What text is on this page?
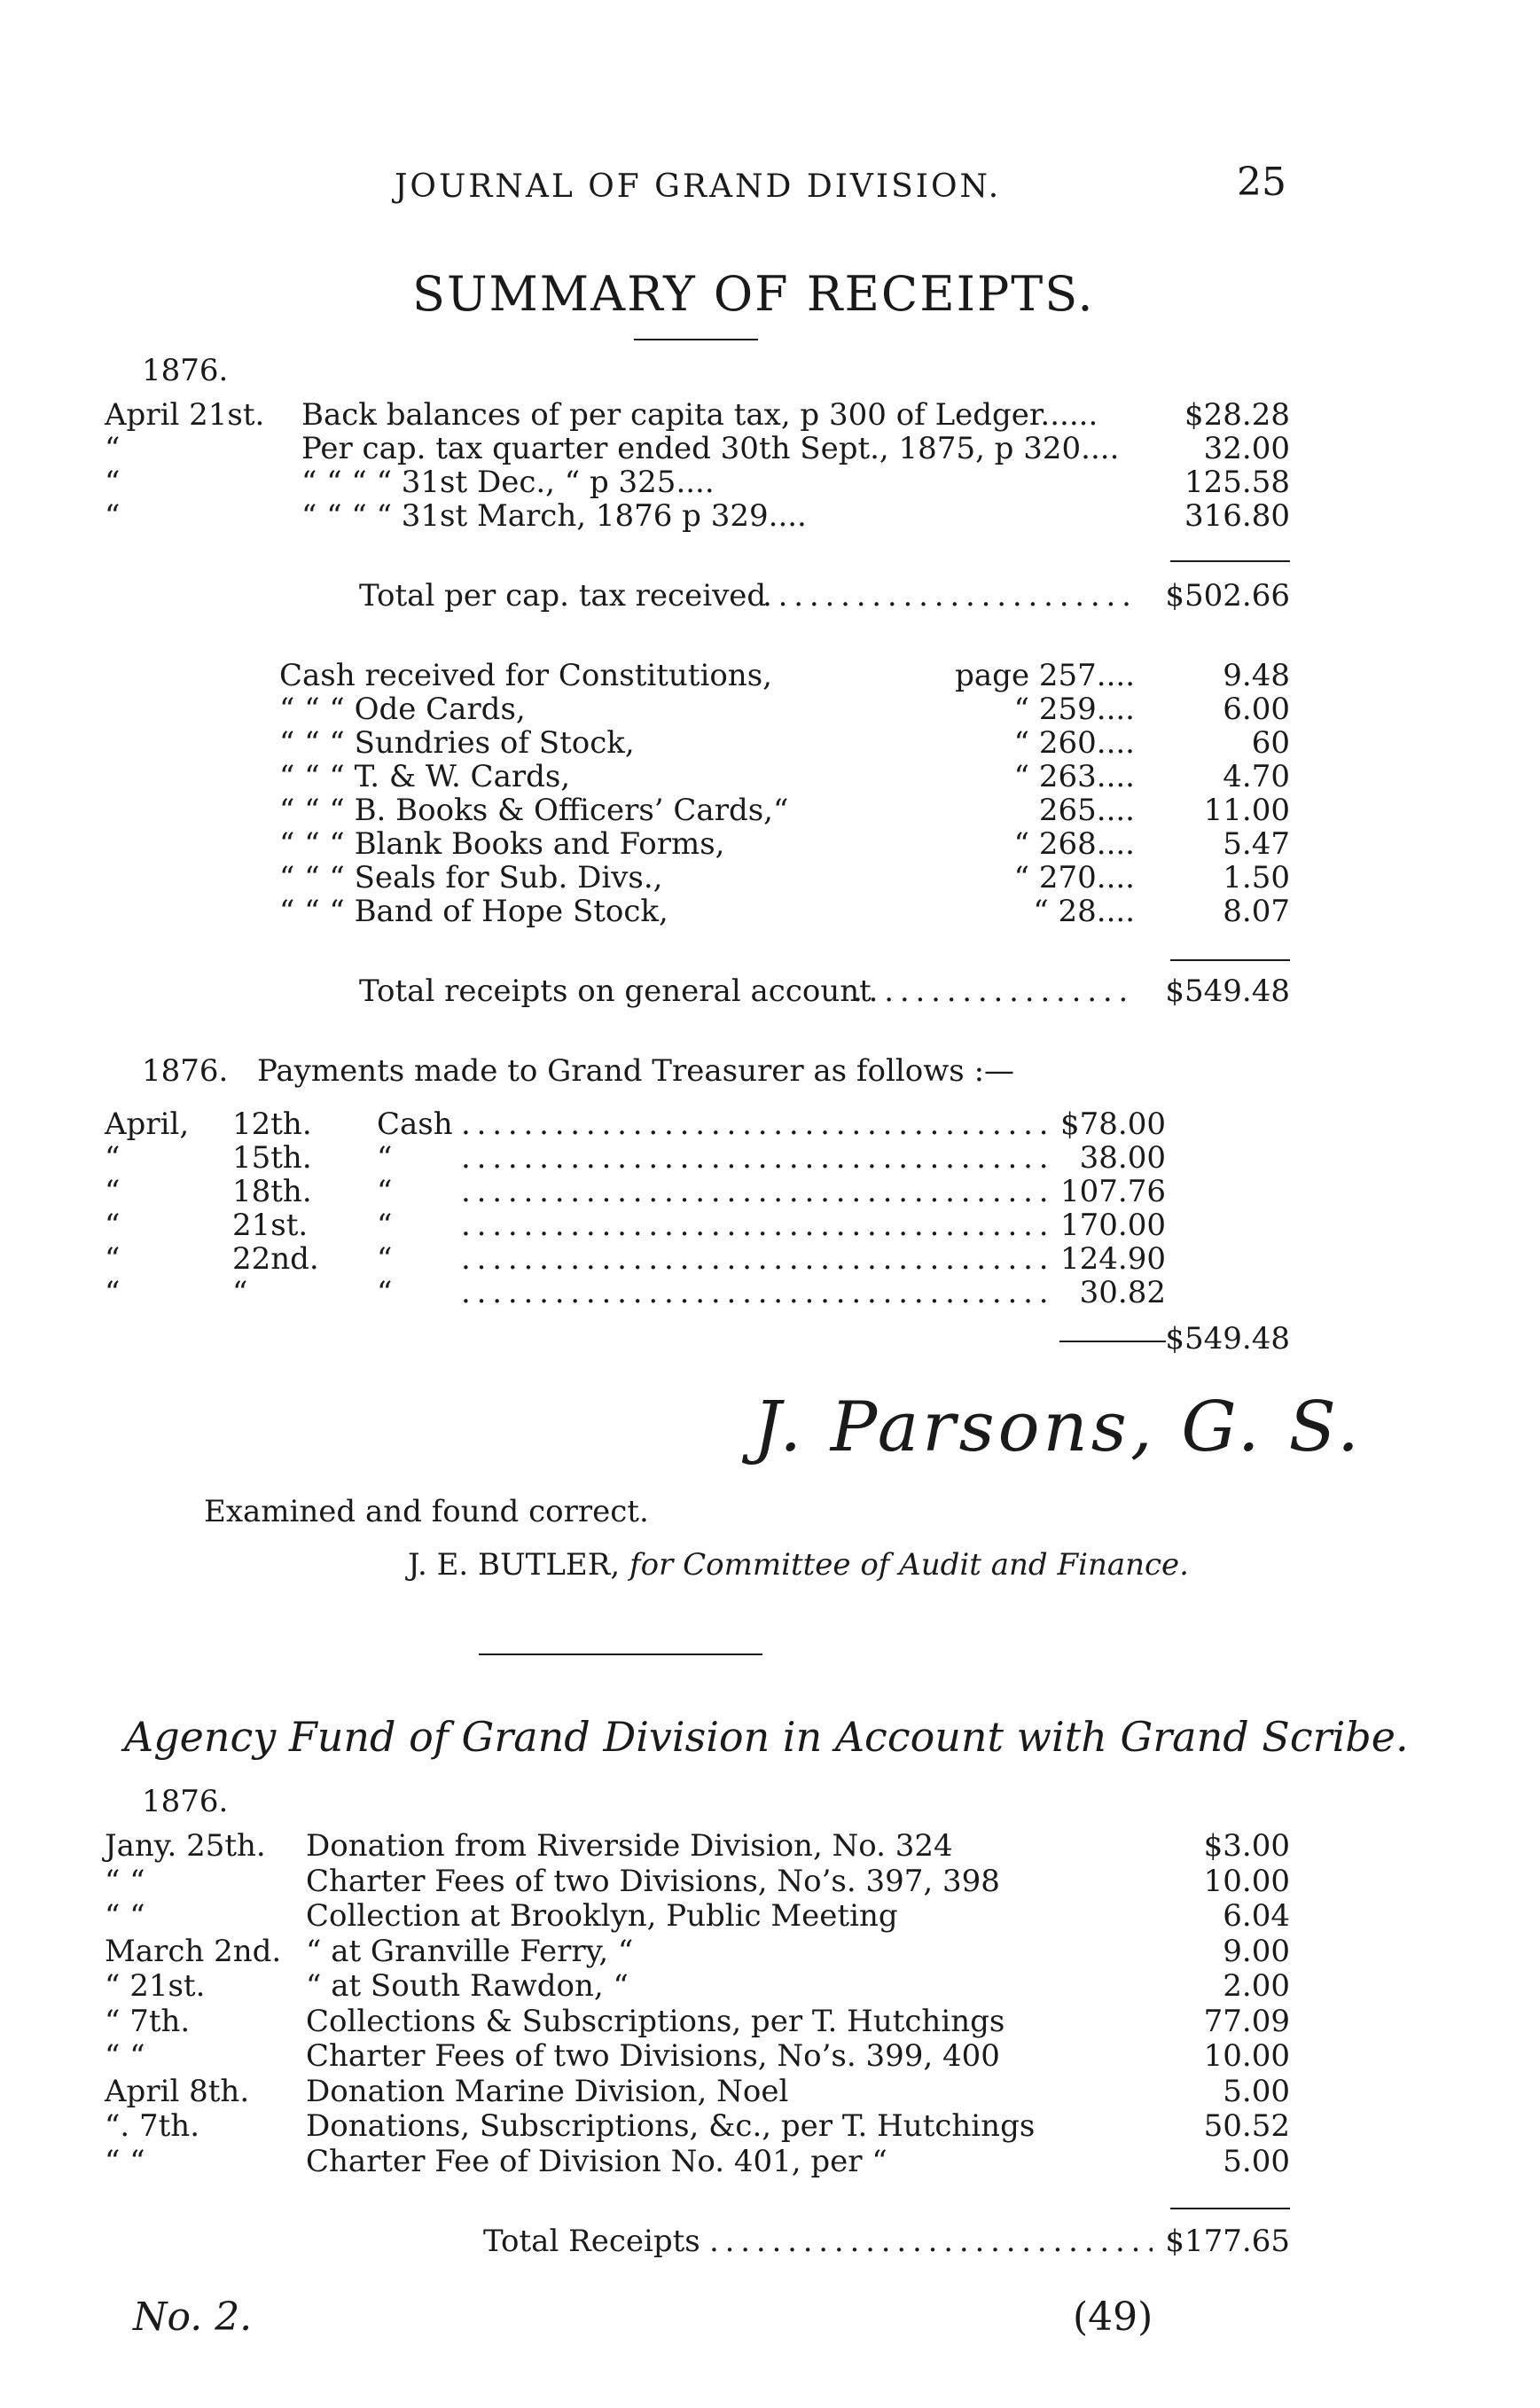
JOURNAL OF GRAND DIVISION.	25
SUMMARY OF RECEIPTS.
1876.
April 21st. Back balances of per capita tax, p 300 of Ledger......	$28.28
“	Per cap. tax quarter ended 30th Sept., 1875, p 320....	32.00
“	“ “ “ “ 31st Dec., “ p 325....	125.58
“	“ “ “ “ 31st March, 1876 p 329....	316.80
Total per cap. tax received . . .	$502.66
Cash received for Constitutions,	page 257....	9.48
“ “ “ Ode Cards,	“ 259....	6.00
“ “ “ Sundries of Stock,	“ 260....	60
“ “ “ T. & W. Cards,	“ 263....	4.70
“ “ “ B. Books & Officers’ Cards,“	265....	11.00
“ “ “ Blank Books and Forms,	“ 268....	5.47
“ “ “ Seals for Sub. Divs.,	“ 270....	1.50
“ “ “ Band of Hope Stock,	“ 28....	8.07
Total receipts on general account . . .	$549.48
1876. Payments made to Grand Treasurer as follows :—
April, 12th. Cash . . .	$78.00
“	15th. “ . . .	38.00
“	18th. “ . . .	107.76
“	21st. “ . . .	170.00
“	22nd. “ . . .	124.90
“	“	“ . . .	30.82
$549.48
J. Parsons, G. S.
Examined and found correct.
J. E. BUTLER, for Committee of Audit and Finance.
Agency Fund of Grand Division in Account with Grand Scribe.
1876.
Jany. 25th. Donation from Riverside Division, No. 324	$3.00
“ “	Charter Fees of two Divisions, No’s. 397, 398	10.00
“ “	Collection at Brooklyn, Public Meeting	6.04
March 2nd. “ at Granville Ferry, “	9.00
“ 21st.	“ at South Rawdon, “	2.00
“ 7th.	Collections & Subscriptions, per T. Hutchings	77.09
“ “	Charter Fees of two Divisions, No’s. 399, 400	10.00
April 8th. Donation Marine Division, Noel	5.00
“. 7th.	Donations, Subscriptions, &c., per T. Hutchings	50.52
“ “	Charter Fee of Division No. 401, per “	5.00
Total Receipts . . .	$177.65
No. 2.	(49)
